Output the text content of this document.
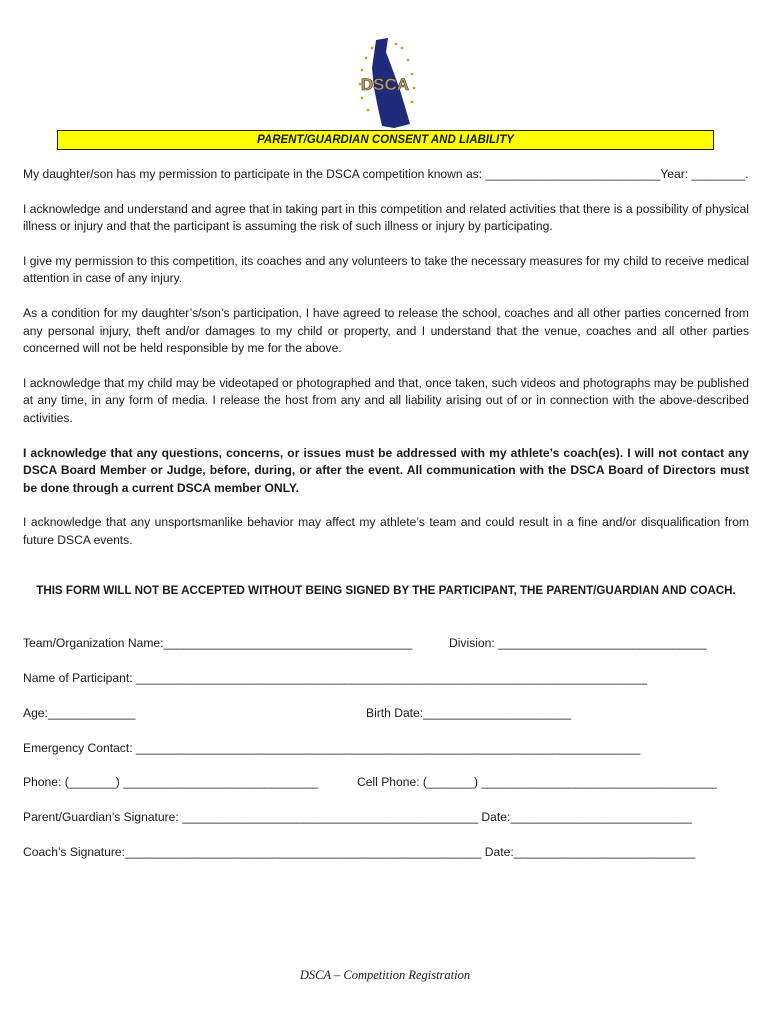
DSCA
PARENT/GUARDIAN CONSENT AND LIABILITY

My daughter/son has my permission to participate in the DSCA competition known as: __________________________Year: ________.

I acknowledge and understand and agree that in taking part in this competition and related activities that there is a possibility of physical illness or injury and that the participant is assuming the risk of such illness or injury by participating.

I give my permission to this competition, its coaches and any volunteers to take the necessary measures for my child to receive medical attention in case of any injury.

As a condition for my daughter’s/son’s participation, I have agreed to release the school, coaches and all other parties concerned from any personal injury, theft and/or damages to my child or property, and I understand that the venue, coaches and all other parties concerned will not be held responsible by me for the above.

I acknowledge that my child may be videotaped or photographed and that, once taken, such videos and photographs may be published at any time, in any form of media. I release the host from any and all liability arising out of or in connection with the above-described activities.

I acknowledge that any questions, concerns, or issues must be addressed with my athlete’s coach(es). I will not contact any DSCA Board Member or Judge, before, during, or after the event. All communication with the DSCA Board of Directors must be done through a current DSCA member ONLY.

I acknowledge that any unsportsmanlike behavior may affect my athlete’s team and could result in a fine and/or disqualification from future DSCA events.

THIS FORM WILL NOT BE ACCEPTED WITHOUT BEING SIGNED BY THE PARTICIPANT, THE PARENT/GUARDIAN AND COACH.
Team/Organization Name:_____________________________________	Division: _______________________________
Name of Participant: ____________________________________________________________________________
Age:_____________	Birth Date:______________________
Emergency Contact: ___________________________________________________________________________
Phone: (_______) _____________________________	Cell Phone: (_______) ___________________________________
Parent/Guardian’s Signature: ____________________________________________ Date:___________________________
Coach’s Signature:_____________________________________________________ Date:___________________________
DSCA – Competition Registration
